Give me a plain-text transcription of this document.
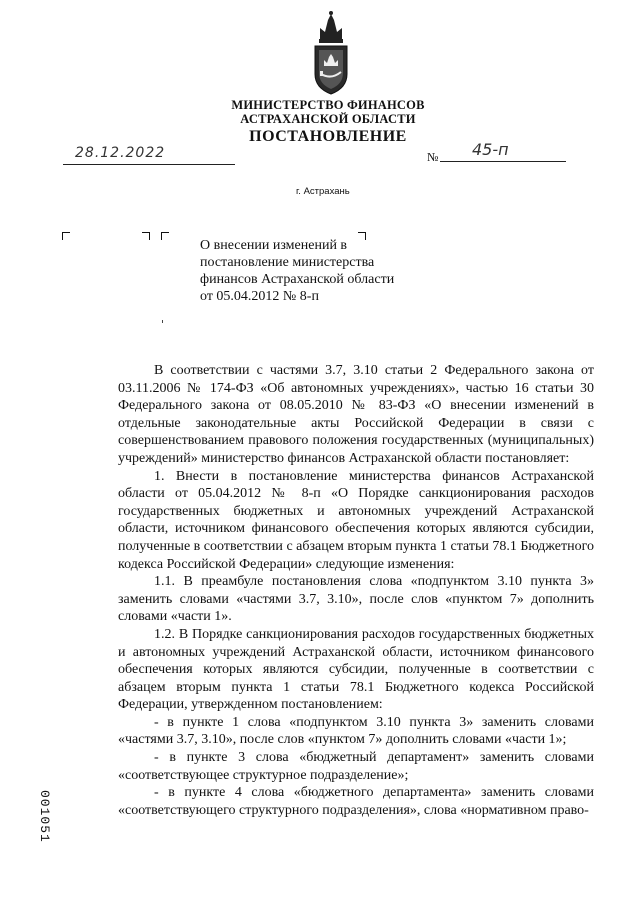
МИНИСТЕРСТВО ФИНАНСОВ
АСТРАХАНСКОЙ ОБЛАСТИ
ПОСТАНОВЛЕНИЕ
28.12.2022	№ 45-п
г. Астрахань
О внесении изменений в
постановление министерства
финансов Астраханской области
от 05.04.2012 № 8-п

В соответствии с частями 3.7, 3.10 статьи 2 Федерального закона от 03.11.2006 № 174-ФЗ «Об автономных учреждениях», частью 16 статьи 30 Федерального закона от 08.05.2010 № 83-ФЗ «О внесении изменений в отдельные законодательные акты Российской Федерации в связи с совершенствованием правового положения государственных (муниципальных) учреждений» министерство финансов Астраханской области постановляет:

1. Внести в постановление министерства финансов Астраханской области от 05.04.2012 № 8-п «О Порядке санкционирования расходов государственных бюджетных и автономных учреждений Астраханской области, источником финансового обеспечения которых являются субсидии, полученные в соответствии с абзацем вторым пункта 1 статьи 78.1 Бюджетного кодекса Российской Федерации» следующие изменения:

1.1. В преамбуле постановления слова «подпунктом 3.10 пункта 3» заменить словами «частями 3.7, 3.10», после слов «пунктом 7» дополнить словами «части 1».

1.2. В Порядке санкционирования расходов государственных бюджетных и автономных учреждений Астраханской области, источником финансового обеспечения которых являются субсидии, полученные в соответствии с абзацем вторым пункта 1 статьи 78.1 Бюджетного кодекса Российской Федерации, утвержденном постановлением:

- в пункте 1 слова «подпунктом 3.10 пункта 3» заменить словами «частями 3.7, 3.10», после слов «пунктом 7» дополнить словами «части 1»;

- в пункте 3 слова «бюджетный департамент» заменить словами «соответствующее структурное подразделение»;

- в пункте 4 слова «бюджетного департамента» заменить словами «соответствующего структурного подразделения», слова «нормативном право-

001051
